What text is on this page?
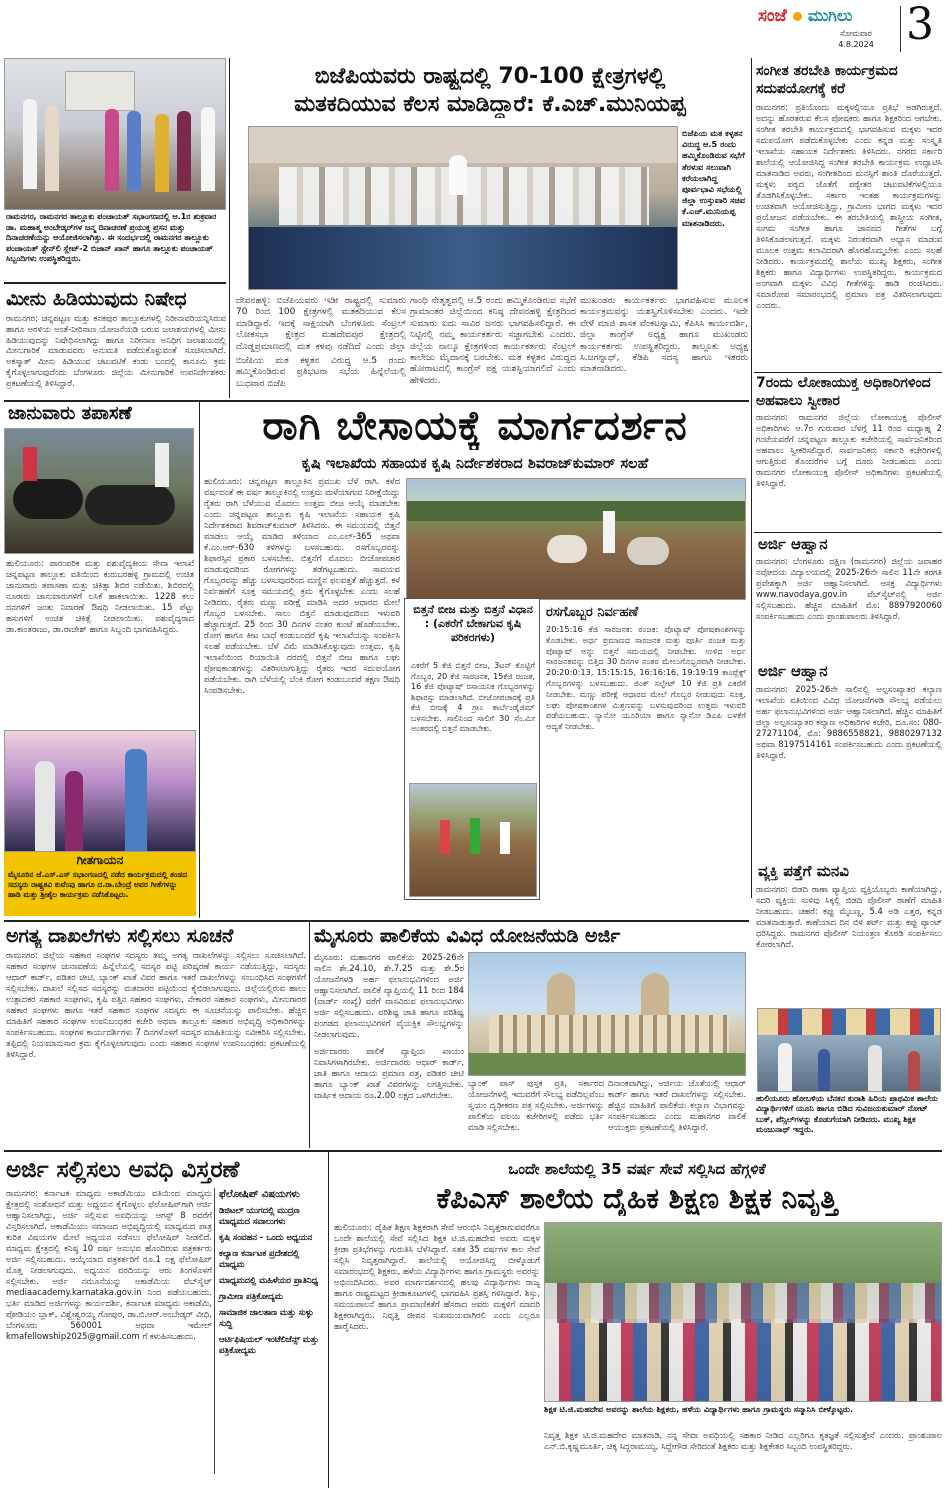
ಸಂಜೆ ಮುಗಿಲು
ಸೋಮವಾರ
4.8.2024 3
ರಾಮನಗರ, ರಾಮನಗರ ತಾಲ್ಲೂಕು ಪಂಚಾಯತ್ ಸಭಾಂಗಣದಲ್ಲಿ ಆ.1ರ ಶುಕ್ರವಾರ ಡಾ. ಮಹಾತ್ಮ ಅಂಬೇಡ್ಕರ್‌ಗಳ ಜನ್ಮ ದಿನಾಚರಣೆ ಪ್ರಯುಕ್ತ ಪ್ರಸನ ಮತ್ತು ದಿನಾಚರಣೆಯನ್ನು ಆಯೋಜಿಸಲಾಗಿತ್ತು. ಈ ಸಂದರ್ಭದಲ್ಲಿ ರಾಮನಗರ ತಾಲ್ಲೂಕು ಪಂಚಾಯತ್ ಸ್ಟೇನ್‌ಲಿ ಸ್ಲೇಟ್-2 ಬಿಜಾನ್ ಖಾನ್ ಹಾಗೂ ತಾಲ್ಲೂಕು ಪಂಚಾಯತ್ ಸಿಬ್ಬಂದಿಗಳು ಉಪಸ್ಥಿತರಿದ್ದರು.
ಮೀನು ಹಿಡಿಯುವುದು ನಿಷೇಧ
ರಾಮನಗರ: ಚನ್ನಪಟ್ಟಣ ಮತ್ತು ಕನಕಪುರ ತಾಲ್ಲೂಕುಗಳಲ್ಲಿ ನಿರೀನಾವರಿಯನ್ನಿಸಿರುವ ಹಾಗೂ ಅರಳಿಯ ಅಂತೆ-ನೀರಿನಾಣ ಯೋಜನೆಯಡಿ ಬರುವ ಜಲಾಶಯಗಳಲ್ಲಿ ಮೀನು ಹಿಡಿಯುವುದನ್ನು ನಿಷೇಧಿಸಲಾಗಿದ್ದು ಹಾಗೂ ನಿರೀನಾಣ ಅನಿಧಿಗ ಜಲಾಶಯದಲ್ಲಿ ಮೀನುಗಾರಿಕೆ ಮಾಡುವವರು ಅನುಮತಿ ಪಡೆದುಕೊಳ್ಳುವಂತೆ ಸೂಚಿಸಲಾಗಿದೆ. ಅಕಸ್ಮಾತ್ ಮೀನು ಹಿಡಿಯುವ ಚಟುವಟಿಕೆ ಕಂಡು ಬಂದಲ್ಲಿ ಕಾನೂನು ಕ್ರಮ ಕೈಗೊಳ್ಳಲಾಗುವುದೆಂದು ಬೆಂಗಳೂರು ಜಿಲ್ಲೆಯ ಮೀನುಗಾರಿಕೆ ಉಪನಿರ್ದೇಶಕರು ಪ್ರಕಟಣೆಯಲ್ಲಿ ತಿಳಿಸಿದ್ದಾರೆ.
ಬಿಜೆಪಿಯವರು ರಾಷ್ಟ್ರದಲ್ಲಿ 70-100 ಕ್ಷೇತ್ರಗಳಲ್ಲಿ
ಮತಕದಿಯುವ ಕೆಲಸ ಮಾಡಿದ್ದಾರೆ: ಕೆ.ಎಚ್.ಮುನಿಯಪ್ಪ
ಬಿಜೆಪಿಯ ಮತ ಕಳ್ಳತನ ವಿರುದ್ಧ ಆ.5 ರಂದು ಹಮ್ಮಿಕೊಂಡಿರುವ ಸಭೆಗೆ ತೆರಳುವ ಸಲುವಾಗಿ ಕರೆಯಲಾಗಿದ್ದ ಪೂರ್ವಭಾವಿ ಸಭೆಯಲ್ಲಿ ಜಿಲ್ಲಾ ಉಸ್ತುವಾರಿ ಸಚಿವ ಕೆ.ಎಚ್.ಮುನಿಯಪ್ಪ ಮಾತನಾಡಿದರು.
ದೇವನಹಳ್ಳಿ: ಬಿಜೆಪಿಯವರು ಇಡೀ ರಾಷ್ಟ್ರದಲ್ಲಿ ಸುಮಾರು 70 ರಿಂದ 100 ಕ್ಷೇತ್ರಗಳಲ್ಲಿ ಮತಕದಿಯುವ ಕೆಲಸ ಮಾಡಿದ್ದಾರೆ. ಇದಕ್ಕೆ ಸಾಕ್ಷಿಯಾಗಿ ಬೆಂಗಳೂರು ಸೆಂಟ್ರಲ್ ಲೋಕಸಭಾ ಕ್ಷೇತ್ರದ ಮಹದೇವಪುರ ಕ್ಷೇತ್ರದಲ್ಲಿ ದೊಡ್ಡಪ್ರಮಾಣದಲ್ಲಿ ಮತ ಕಳವು ನಡೆದಿದೆ ಎಂದು ಜಿಲ್ಲಾ
ಬಿಜೆಪಿಯ ಮತ ಕಳ್ಳತನ ವಿರುದ್ಧ ಆ.5 ರಂದು ಹಮ್ಮಿಕೊಂಡಿರುವ ಪ್ರತಿಭಟನಾ ಸಭೆಯ ಹಿನ್ನೆಲೆಯಲ್ಲಿ ಬುಧವಾರ ಬಿಜೆಪಿ
ಗಾಂಧಿ ನೇತೃತ್ವದಲ್ಲಿ ಆ.5 ರಂದು ಹಮ್ಮಿಕೊಂಡಿರುವ ಸಭೆಗೆ ಗ್ರಾಮಾಂತರ ಜಿಲ್ಲೆಯಿಂದ ಕನಿಷ್ಠ ದೇವನಹಳ್ಳಿ ಕ್ಷೇತ್ರದಿಂದ ಸುಮಾರು ಐದು ಸಾವಿರ ಜನರು ಭಾಗವಹಿಸಲಿದ್ದಾರೆ. ಈ ನಿಟ್ಟಿನಲ್ಲಿ ನಮ್ಮ ಕಾರ್ಯಕರ್ತರು ಸಜ್ಜಾಗಬೇಕು ಎಂದರು. ಜಿಲ್ಲೆಯ ನಾಲ್ಕೂ ಕ್ಷೇತ್ರಗಳಿಂದ ಕಾರ್ಯಕರ್ತರು ಸೆಂಟ್ರಲ್ ಕಾಲೇಜು ಮೈದಾನಕ್ಕೆ ಬರಬೇಕು. ಮತ ಕಳ್ಳತನ ವಿರುದ್ಧದ ಹೋರಾಟದಲ್ಲಿ ಕಾಂಗ್ರೆಸ್ ಪಕ್ಷ ಯಶಸ್ವಿಯಾಗಲಿದೆ ಎಂದು ಹೇಳಿದರು.
ಮುಖಂಡರು ಕಾರ್ಯಕರ್ತರು ಭಾಗವಹಿಸುವ ಮೂಲಕ ಕಾರ್ಯಕ್ರಮವನ್ನು ಯಶಸ್ವಿಗೊಳಿಸಬೇಕು ಎಂದರು. ಇದೇ ವೇಳೆ ಮಾಜಿ ಶಾಸಕ ವೆಂಕಟಸ್ವಾಮಿ, ಕೆಪಿಸಿಸಿ ಕಾರ್ಯದರ್ಶಿ, ಜಿಲ್ಲಾ ಕಾಂಗ್ರೆಸ್ ಅಧ್ಯಕ್ಷ ಹಾಗೂ ಮುಖಂಡರು ಕಾರ್ಯಕರ್ತರು ಉಪಸ್ಥಿತರಿದ್ದರು. ತಾಲ್ಲೂಕು ಅಧ್ಯಕ್ಷ ಸಿ.ಜಗನ್ನಾಥ್, ಕೆಡಿಪಿ ಸದಸ್ಯ ಹಾಗೂ ಇತರರು ಮಾತನಾಡಿದರು.
ಸಂಗೀತ ತರಬೇತಿ ಕಾರ್ಯಕ್ರಮದ ಸದುಪಯೋಗಕ್ಕೆ ಕರೆ
ರಾಮನಗರ: ಪ್ರತಿಯೊಂದು ಮಕ್ಕಳಲ್ಲಿಯೂ ಪ್ರತಿಭೆ ಅಡಗಿರುತ್ತದೆ. ಅದನ್ನು ಹೊರತರುವ ಕೆಲಸ ಪೋಷಕರು ಹಾಗೂ ಶಿಕ್ಷಕರಿಂದ ಆಗಬೇಕು. ಸಂಗೀತ ತರಬೇತಿ ಕಾರ್ಯಕ್ರಮದಲ್ಲಿ ಭಾಗವಹಿಸುವ ಮಕ್ಕಳು ಇದರ ಸದುಪಯೋಗ ಪಡೆದುಕೊಳ್ಳಬೇಕು ಎಂದು ಕನ್ನಡ ಮತ್ತು ಸಂಸ್ಕೃತಿ ಇಲಾಖೆಯ ಸಹಾಯಕ ನಿರ್ದೇಶಕರು ತಿಳಿಸಿದರು. ನಗರದ ಸರ್ಕಾರಿ ಶಾಲೆಯಲ್ಲಿ ಆಯೋಜಿಸಿದ್ದ ಸಂಗೀತ ತರಬೇತಿ ಕಾರ್ಯಕ್ರಮ ಉದ್ಘಾಟಿಸಿ ಮಾತನಾಡಿದ ಅವರು, ಸಂಗೀತದಿಂದ ಮನಸ್ಸಿಗೆ ಶಾಂತಿ ದೊರೆಯುತ್ತದೆ. ಮಕ್ಕಳು ಪಠ್ಯದ ಜೊತೆಗೆ ಪಠ್ಯೇತರ ಚಟುವಟಿಕೆಗಳಲ್ಲಿಯೂ ತೊಡಗಿಸಿಕೊಳ್ಳಬೇಕು. ಸರ್ಕಾರ ಇಂತಹ ಕಾರ್ಯಕ್ರಮಗಳನ್ನು ಉಚಿತವಾಗಿ ಆಯೋಜಿಸುತ್ತಿದ್ದು, ಗ್ರಾಮೀಣ ಭಾಗದ ಮಕ್ಕಳು ಇದರ ಪ್ರಯೋಜನ ಪಡೆಯಬೇಕು. ಈ ತರಬೇತಿಯಲ್ಲಿ ಶಾಸ್ತ್ರೀಯ ಸಂಗೀತ, ಸುಗಮ ಸಂಗೀತ ಹಾಗೂ ಜಾನಪದ ಗೀತೆಗಳ ಬಗ್ಗೆ ತಿಳಿಸಿಕೊಡಲಾಗುತ್ತದೆ. ಮಕ್ಕಳು ನಿರಂತರವಾಗಿ ಅಭ್ಯಾಸ ಮಾಡುವ ಮೂಲಕ ಉತ್ತಮ ಕಲಾವಿದರಾಗಿ ಹೊರಹೊಮ್ಮಬೇಕು ಎಂದು ಸಲಹೆ ನೀಡಿದರು. ಕಾರ್ಯಕ್ರಮದಲ್ಲಿ ಶಾಲೆಯ ಮುಖ್ಯ ಶಿಕ್ಷಕರು, ಸಂಗೀತ ಶಿಕ್ಷಕರು ಹಾಗೂ ವಿದ್ಯಾರ್ಥಿಗಳು ಉಪಸ್ಥಿತರಿದ್ದರು. ಕಾರ್ಯಕ್ರಮದ ಅಂಗವಾಗಿ ಮಕ್ಕಳು ವಿವಿಧ ಗೀತೆಗಳನ್ನು ಹಾಡಿ ರಂಜಿಸಿದರು. ಸಮಾರೋಪ ಸಮಾರಂಭದಲ್ಲಿ ಪ್ರಮಾಣ ಪತ್ರ ವಿತರಿಸಲಾಗುವುದು ಎಂದರು.
7ರಂದು ಲೋಕಾಯುಕ್ತ ಅಧಿಕಾರಿಗಳಿಂದ ಅಹವಾಲು ಸ್ವೀಕಾರ
ರಾಮನಗರ: ರಾಮನಗರ ಜಿಲ್ಲೆಯ ಲೋಕಾಯುಕ್ತ ಪೊಲೀಸ್ ಅಧಿಕಾರಿಗಳು ಆ.7ರ ಗುರುವಾರ ಬೆಳಗ್ಗೆ 11 ರಿಂದ ಮಧ್ಯಾಹ್ನ 2 ಗಂಟೆಯವರೆಗೆ ಚನ್ನಪಟ್ಟಣ ತಾಲ್ಲೂಕು ಕಚೇರಿಯಲ್ಲಿ ಸಾರ್ವಜನಿಕರಿಂದ ಅಹವಾಲು ಸ್ವೀಕರಿಸಲಿದ್ದಾರೆ. ಸಾರ್ವಜನಿಕರು ಸರ್ಕಾರಿ ಕಚೇರಿಗಳಲ್ಲಿ ಆಗುತ್ತಿರುವ ತೊಂದರೆಗಳ ಬಗ್ಗೆ ದೂರು ನೀಡಬಹುದು ಎಂದು ರಾಮನಗರ ಲೋಕಾಯುಕ್ತ ಪೊಲೀಸ್ ಅಧಿಕಾರಿಗಳು ಪ್ರಕಟಣೆಯಲ್ಲಿ ತಿಳಿಸಿದ್ದಾರೆ.
ಅರ್ಜಿ ಆಹ್ವಾನ
ರಾಮನಗರ: ಬೆಂಗಳೂರು ದಕ್ಷಿಣ (ರಾಮನಗರ) ಜಿಲ್ಲೆಯ ಜವಾಹರ ನವೋದಯ ವಿದ್ಯಾಲಯದಲ್ಲಿ 2025-26ನೇ ಸಾಲಿನ 11ನೇ ತರಗತಿ ಪ್ರವೇಶಕ್ಕಾಗಿ ಅರ್ಜಿ ಆಹ್ವಾನಿಸಲಾಗಿದೆ. ಆಸಕ್ತ ವಿದ್ಯಾರ್ಥಿಗಳು www.navodaya.gov.in ವೆಬ್‌ಸೈಟ್‌ನಲ್ಲಿ ಅರ್ಜಿ ಸಲ್ಲಿಸಬಹುದು. ಹೆಚ್ಚಿನ ಮಾಹಿತಿಗೆ ಮೊ: 8897920060 ಸಂಪರ್ಕಿಸಬಹುದು ಎಂದು ಪ್ರಾಂಶುಪಾಲರು ತಿಳಿಸಿದ್ದಾರೆ.
ಅರ್ಜಿ ಆಹ್ವಾನ
ರಾಮನಗರ: 2025-26ನೇ ಸಾಲಿನಲ್ಲಿ ಅಲ್ಪಸಂಖ್ಯಾತರ ಕಲ್ಯಾಣ ಇಲಾಖೆಯ ವತಿಯಿಂದ ವಿವಿಧ ಯೋಜನೆಗಳಡಿ ಸೌಲಭ್ಯ ಪಡೆಯಲು ಅರ್ಹ ಫಲಾನುಭವಿಗಳಿಂದ ಅರ್ಜಿ ಆಹ್ವಾನಿಸಲಾಗಿದೆ. ಹೆಚ್ಚಿನ ಮಾಹಿತಿಗೆ ಜಿಲ್ಲಾ ಅಲ್ಪಸಂಖ್ಯಾತರ ಕಲ್ಯಾಣ ಅಧಿಕಾರಿಗಳ ಕಚೇರಿ, ದೂ.ಸಂ: 080-27271104, ಮೊ: 9886558821, 9880297132 ಅಥವಾ 8197514161 ಸಂಪರ್ಕಿಸಬಹುದು ಎಂದು ಪ್ರಕಟಣೆಯಲ್ಲಿ ತಿಳಿಸಿದ್ದಾರೆ.
ವ್ಯಕ್ತಿ ಪತ್ತೆಗೆ ಮನವಿ
ರಾಮನಗರ: ಬಿಡದಿ ಠಾಣಾ ವ್ಯಾಪ್ತಿಯ ವ್ಯಕ್ತಿಯೊಬ್ಬರು ಕಾಣೆಯಾಗಿದ್ದು, ಸದರಿ ವ್ಯಕ್ತಿಯ ಸುಳಿವು ಸಿಕ್ಕಲ್ಲಿ ಬಿಡದಿ ಪೊಲೀಸ್ ಠಾಣೆಗೆ ಮಾಹಿತಿ ನೀಡಬಹುದು. ಚಹರೆ: ಕಪ್ಪು ಮೈಬಣ್ಣ, 5.4 ಅಡಿ ಎತ್ತರ, ಕನ್ನಡ ಮಾತನಾಡುತ್ತಾರೆ. ಕಾಣೆಯಾದ ದಿನ ಬಿಳಿ ಶರ್ಟ್ ಮತ್ತು ಕಪ್ಪು ಪ್ಯಾಂಟ್ ಧರಿಸಿದ್ದರು. ರಾಮನಗರ ಪೊಲೀಸ್ ನಿಯಂತ್ರಣ ಕೊಠಡಿ ಸಂಪರ್ಕಿಸಲು ಕೋರಲಾಗಿದೆ.
ಹುಲಿಯೂರು ಹೋಬಳಿಯ ಬೆನಕನ ಕುರಾಶಿ ಹಿರಿಯ ಪ್ರಾಥಮಿಕ ಶಾಲೆಯ ವಿದ್ಯಾರ್ಥಿಗಳಿಗೆ ಯೂನಿ ಹಾಗೂ ಬಿಡಿದ ಸುವಿಜಯಕುಮಾರ್ ನೋಟ್ ಬುಕ್, ಪೆನ್ಸಿಲ್‌ಗಳನ್ನು ಕೊಡುಗೆಯಾಗಿ ನೀಡಿದರು. ಮುಖ್ಯ ಶಿಕ್ಷಕ ಮಂಜುನಾಥ್ ಇದ್ದರು.
ಜಾನುವಾರು ತಪಾಸಣೆ
ಹುಲಿಯೂರು: ಪಾರಂಪರಿಕ ಮತ್ತು ಪಶುವೈದ್ಯಕೀಯ ಸೇವಾ ಇಲಾಖೆ ಚನ್ನಪಟ್ಟಣ ತಾಲ್ಲೂಕು ವತಿಯಿಂದ ಕುರುಬರಹಳ್ಳಿ ಗ್ರಾಮದಲ್ಲಿ ಉಚಿತ ಜಾನುವಾರು ತಪಾಸಣಾ ಮತ್ತು ಚಿಕಿತ್ಸಾ ಶಿಬಿರ ನಡೆಯಿತು. ಶಿಬಿರದಲ್ಲಿ ನೂರಾರು ಜಾನುವಾರುಗಳಿಗೆ ಲಸಿಕೆ ಹಾಕಲಾಯಿತು. 1228 ಕಲು ದನಗಳಿಗೆ ಜಂತು ನಿವಾರಣೆ ಔಷಧಿ ನೀಡಲಾಯಿತು. 15 ಪೆಟ್ಟು ಹಸುಗಳಿಗೆ ಉಚಿತ ಚಿಕಿತ್ಸೆ ನೀಡಲಾಯಿತು. ಪಶುವೈದ್ಯರಾದ ಡಾ.ಕಾಂತರಾಜು, ಡಾ.ರಾಜೇಶ್ ಹಾಗೂ ಸಿಬ್ಬಂದಿ ಭಾಗವಹಿಸಿದ್ದರು.
ಗೀತಗಾಯನ
ಮೈಸೂರಿನ ಜೆ.ಎಸ್.ಎಸ್ ಸಭಾಂಗಣದಲ್ಲಿ ನಡೆದ ಕಾರ್ಯಕ್ರಮದಲ್ಲಿ ತಂಡದ ಸದಸ್ಯರು ರಾಷ್ಟ್ರಕವಿ ಕುವೆಂಪು ಹಾಗೂ ದ.ರಾ.ಬೇಂದ್ರೆ ಅವರ ಗೀತೆಗಳನ್ನು ಹಾಡಿ ಮತ್ತು ಶ್ರೀಶೈಲ ಕಾರ್ಯಕ್ರಮ ನಡೆಸಿಕೊಟ್ಟರು.
ರಾಗಿ ಬೇಸಾಯಕ್ಕೆ ಮಾರ್ಗದರ್ಶನ
ಕೃಷಿ ಇಲಾಖೆಯ ಸಹಾಯಕ ಕೃಷಿ ನಿರ್ದೇಶಕರಾದ ಶಿವರಾಜ್‌ಕುಮಾರ್ ಸಲಹೆ
ಹುಲಿಯೂರು: ಚನ್ನಪಟ್ಟಣ ತಾಲ್ಲೂಕಿನ ಪ್ರಮುಖ ಬೆಳೆ ರಾಗಿ. ಕಳೆದ ವರ್ಷದಂತೆ ಈ ವರ್ಷ ತಾಲ್ಲೂಕಿನಲ್ಲಿ ಉತ್ತಮ ಮಳೆಯಾಗುವ ನಿರೀಕ್ಷೆಯಿದ್ದು ರೈತರು ರಾಗಿ ಬೆಳೆಯುವ ಮೊದಲು ಉತ್ತಮ ಬೀಜ ಆಯ್ಕೆ ಮಾಡಬೇಕು ಎಂದು ಚನ್ನಪಟ್ಟಣ ತಾಲ್ಲೂಕು ಕೃಷಿ ಇಲಾಖೆಯ ಸಹಾಯಕ ಕೃಷಿ ನಿರ್ದೇಶಕರಾದ ಶಿವರಾಜ್‌ಕುಮಾರ್ ತಿಳಿಸಿದರು. ಈ ಸಮಯದಲ್ಲಿ ಬಿತ್ತನೆ ಮಾಡಲು ಆಯ್ಕೆ ಮಾಡಿದ ತಳಿಯಾದ ಎಂ.ಎಲ್-365 ಅಥವಾ ಕೆ.ಎಂ.ಆರ್-630 ತಳಿಗಳನ್ನು ಬಳಸಬಹುದು. ರಸಗೊಬ್ಬರವನ್ನು ಶಿಫಾರಸ್ಸಿನ ಪ್ರಕಾರ ಬಳಸಬೇಕು. ಬಿತ್ತನೆಗೆ ಮೊದಲು ಬೀಜೋಪಚಾರ ಮಾಡುವುದರಿಂದ ರೋಗಗಳನ್ನು ತಡೆಗಟ್ಟಬಹುದು. ಸಾವಯವ ಗೊಬ್ಬರವನ್ನು ಹೆಚ್ಚು ಬಳಸುವುದರಿಂದ ಮಣ್ಣಿನ ಫಲವತ್ತತೆ ಹೆಚ್ಚುತ್ತದೆ. ಕಳೆ ನಿರ್ವಹಣೆಗೆ ಸೂಕ್ತ ಸಮಯದಲ್ಲಿ ಕ್ರಮ ಕೈಗೊಳ್ಳಬೇಕು ಎಂದು ಸಲಹೆ ನೀಡಿದರು. ರೈತರು ಮಣ್ಣು ಪರೀಕ್ಷೆ ಮಾಡಿಸಿ ಅದರ ಆಧಾರದ ಮೇಲೆ ಗೊಬ್ಬರ ಬಳಸಬೇಕು. ಸಾಲು ಬಿತ್ತನೆ ಮಾಡುವುದರಿಂದ ಇಳುವರಿ ಹೆಚ್ಚಾಗುತ್ತದೆ. 25 ರಿಂದ 30 ದಿನಗಳ ನಂತರ ಕುಂಟೆ ಹೊಡೆಯಬೇಕು. ರೋಗ ಹಾಗೂ ಕೀಟ ಬಾಧೆ ಕಂಡುಬಂದರೆ ಕೃಷಿ ಇಲಾಖೆಯನ್ನು ಸಂಪರ್ಕಿಸಿ ಸಲಹೆ ಪಡೆಯಬೇಕು. ಬೆಳೆ ವಿಮೆ ಮಾಡಿಸಿಕೊಳ್ಳುವುದು ಉತ್ತಮ. ಕೃಷಿ ಇಲಾಖೆಯಿಂದ ರಿಯಾಯಿತಿ ದರದಲ್ಲಿ ಬಿತ್ತನೆ ಬೀಜ ಹಾಗೂ ಲಘು ಪೋಷಕಾಂಶಗಳನ್ನು ವಿತರಿಸಲಾಗುತ್ತಿದ್ದು ರೈತರು ಇದರ ಸದುಪಯೋಗ ಪಡೆಯಬೇಕು. ರಾಗಿ ಬೆಳೆಯಲ್ಲಿ ಬೆಂಕಿ ರೋಗ ಕಂಡುಬಂದರೆ ತಕ್ಷಣ ಔಷಧಿ ಸಿಂಪಡಿಸಬೇಕು.
ಬಿತ್ತನೆ ಬೀಜ ಮತ್ತು ಬಿತ್ತನೆ ವಿಧಾನ : (ಎಕರೆಗೆ ಬೇಕಾಗುವ ಕೃಷಿ ಪರಿಕರಗಳು)
ಎಕರೆಗೆ 5 ಕೆಜಿ ಬಿತ್ತನೆ ಬೀಜ, 3ಟನ್ ಕೊಟ್ಟಿಗೆ ಗೊಬ್ಬರ, 20 ಕೆಜಿ ಸಾರಜನಕ, 15ಕೆಜಿ ರಂಜಕ, 16 ಕೆಜಿ ಪೊಟ್ಯಾಷ್ ರಸಾಯನಿಕ ಗೊಬ್ಬರಗಳನ್ನು ಶಿಫಾರಸ್ಸು ಮಾಡಲಾಗಿದೆ. ಬೀಜೋಪಚಾರಕ್ಕೆ ಪ್ರತಿ ಕೆಜಿ ಬೀಜಕ್ಕೆ 4 ಗ್ರಾಂ ಕಾರ್ಬೆಂಡೈಜಿಮ್ ಬಳಸಬೇಕು. ಸಾಲಿನಿಂದ ಸಾಲಿಗೆ 30 ಸೆಂ.ಮೀ ಅಂತರದಲ್ಲಿ ಬಿತ್ತನೆ ಮಾಡಬೇಕು.
ರಸಗೊಬ್ಬರ ನಿರ್ವಹಣೆ
20:15:16 ಕೆಜಿ ಸಾರಜನಕ: ರಂಜಕ: ಪೊಟ್ಯಾಷ್ ಪೋಷಕಾಂಶಗಳನ್ನು ಕೊಡಬೇಕು. ಅರ್ಧ ಪ್ರಮಾಣದ ಸಾರಜನಕ ಮತ್ತು ಪೂರ್ತಿ ರಂಜಕ ಮತ್ತು ಪೊಟ್ಯಾಷ್ ಅನ್ನು ಬಿತ್ತನೆ ಸಮಯದಲ್ಲಿ ನೀಡಬೇಕು. ಉಳಿದ ಅರ್ಧ ಸಾರಜನಕವನ್ನು ಬಿತ್ತಿದ 30 ದಿನಗಳ ನಂತರ ಮೇಲುಗೊಬ್ಬರವಾಗಿ ನೀಡಬೇಕು. 20:20:0:13, 15:15:15, 16:16:16, 19:19:19 ಕಾಂಪ್ಲೆಕ್ಸ್ ಗೊಬ್ಬರಗಳನ್ನು ಬಳಸಬಹುದು. ಜಿಂಕ್ ಸಲ್ಫೇಟ್ 10 ಕೆಜಿ ಪ್ರತಿ ಎಕರೆಗೆ ನೀಡಬೇಕು. ಮಣ್ಣು ಪರೀಕ್ಷೆ ಆಧಾರದ ಮೇಲೆ ಗೊಬ್ಬರ ನೀಡುವುದು ಸೂಕ್ತ. ಲಘು ಪೋಷಕಾಂಶಗಳ ಮಿಶ್ರಣವನ್ನು ಬಳಸುವುದರಿಂದ ಉತ್ತಮ ಇಳುವರಿ ಪಡೆಯಬಹುದು. ನ್ಯಾನೋ ಯೂರಿಯಾ ಹಾಗೂ ನ್ಯಾನೋ ಡಿಎಪಿ ಬಳಕೆಗೆ ಆದ್ಯತೆ ನೀಡಬೇಕು.
ಅಗತ್ಯ ದಾಖಲೆಗಳು ಸಲ್ಲಿಸಲು ಸೂಚನೆ
ರಾಮನಗರ: ಜಿಲ್ಲೆಯ ಸಹಕಾರ ಸಂಘಗಳ ಸದಸ್ಯರು ತಮ್ಮ ಅಗತ್ಯ ದಾಖಲೆಗಳನ್ನು ಸಲ್ಲಿಸಲು ಸೂಚಿಸಲಾಗಿದೆ. ಸಹಕಾರ ಸಂಘಗಳ ಚುನಾವಣೆಯ ಹಿನ್ನೆಲೆಯಲ್ಲಿ ಸದಸ್ಯರ ಪಟ್ಟಿ ಪರಿಷ್ಕರಣೆ ಕಾರ್ಯ ನಡೆಯುತ್ತಿದ್ದು, ಸದಸ್ಯರು ಆಧಾರ್ ಕಾರ್ಡ್, ಪಡಿತರ ಚೀಟಿ, ಬ್ಯಾಂಕ್ ಖಾತೆ ವಿವರ ಹಾಗೂ ಇತರೆ ದಾಖಲೆಗಳನ್ನು ಸಂಬಂಧಿಸಿದ ಸಂಘಗಳಿಗೆ ಸಲ್ಲಿಸಬೇಕು. ದಾಖಲೆ ಸಲ್ಲಿಸದ ಸದಸ್ಯರನ್ನು ಮತದಾರರ ಪಟ್ಟಿಯಿಂದ ಕೈಬಿಡಲಾಗುವುದು. ಜಿಲ್ಲೆಯಲ್ಲಿರುವ ಹಾಲು ಉತ್ಪಾದಕರ ಸಹಕಾರ ಸಂಘಗಳು, ಕೃಷಿ ಪತ್ತಿನ ಸಹಕಾರ ಸಂಘಗಳು, ನೇಕಾರರ ಸಹಕಾರ ಸಂಘಗಳು, ಮೀನುಗಾರರ ಸಹಕಾರ ಸಂಘಗಳು ಹಾಗೂ ಇತರೆ ಸಹಕಾರ ಸಂಘಗಳ ಸದಸ್ಯರು ಈ ಸೂಚನೆಯನ್ನು ಪಾಲಿಸಬೇಕು. ಹೆಚ್ಚಿನ ಮಾಹಿತಿಗೆ ಸಹಕಾರ ಸಂಘಗಳ ಉಪನಿಬಂಧಕರ ಕಚೇರಿ ಅಥವಾ ತಾಲ್ಲೂಕು ಸಹಕಾರ ಅಭಿವೃದ್ಧಿ ಅಧಿಕಾರಿಗಳನ್ನು ಸಂಪರ್ಕಿಸಬಹುದು. ಸಂಘಗಳ ಕಾರ್ಯದರ್ಶಿಗಳು 7 ದಿನಗಳೊಳಗೆ ಸದಸ್ಯರ ಮಾಹಿತಿಯನ್ನು ನವೀಕರಿಸಿ ಸಲ್ಲಿಸಬೇಕು. ತಪ್ಪಿದಲ್ಲಿ ನಿಯಮಾನುಸಾರ ಕ್ರಮ ಕೈಗೊಳ್ಳಲಾಗುವುದು ಎಂದು ಸಹಕಾರ ಸಂಘಗಳ ಉಪನಿಬಂಧಕರು ಪ್ರಕಟಣೆಯಲ್ಲಿ ತಿಳಿಸಿದ್ದಾರೆ.
ಮೈಸೂರು ಪಾಲಿಕೆಯ ವಿವಿಧ ಯೋಜನೆಯಡಿ ಅರ್ಜಿ
ಮೈಸೂರು: ಮಹಾನಗರ ಪಾಲಿಕೆಯ 2025-26ನೇ ಸಾಲಿನ ಶೇ.24.10, ಶೇ.7.25 ಮತ್ತು ಶೇ.5ರ ಯೋಜನೆಗಳಡಿ ಅರ್ಹ ಫಲಾನುಭವಿಗಳಿಂದ ಅರ್ಜಿ ಆಹ್ವಾನಿಸಲಾಗಿದೆ. ಪಾಲಿಕೆ ವ್ಯಾಪ್ತಿಯಲ್ಲಿ 11 ರಿಂದ 184 (ವಾರ್ಡ್ ಸಂಖ್ಯೆ) ವರೆಗೆ ವಾಸವಿರುವ ಫಲಾನುಭವಿಗಳು ಅರ್ಜಿ ಸಲ್ಲಿಸಬಹುದು. ಪರಿಶಿಷ್ಟ ಜಾತಿ ಹಾಗೂ ಪರಿಶಿಷ್ಟ ಪಂಗಡದ ಫಲಾನುಭವಿಗಳಿಗೆ ವೈಯಕ್ತಿಕ ಸೌಲಭ್ಯಗಳನ್ನು ನೀಡಲಾಗುವುದು.
ಅರ್ಜಿದಾರರು ಪಾಲಿಕೆ ವ್ಯಾಪ್ತಿಯ ಖಾಯಂ ನಿವಾಸಿಗಳಾಗಿರಬೇಕು. ಅರ್ಜಿದಾರರು ಆಧಾರ್ ಕಾರ್ಡ್, ಜಾತಿ ಹಾಗೂ ಆದಾಯ ಪ್ರಮಾಣ ಪತ್ರ, ಪಡಿತರ ಚೀಟಿ ಹಾಗೂ ಬ್ಯಾಂಕ್ ಖಾತೆ ವಿವರಗಳನ್ನು ಲಗತ್ತಿಸಬೇಕು. ವಾರ್ಷಿಕ ಆದಾಯ ರೂ.2.00 ಲಕ್ಷದ ಒಳಗಿರಬೇಕು.
ಬ್ಯಾಂಕ್ ಪಾಸ್ ಪುಸ್ತಕ ಪ್ರತಿ, ಸರ್ಕಾರದ ಯೋಜನೆಗಳಲ್ಲಿ ಇದುವರೆಗೆ ಸೌಲಭ್ಯ ಪಡೆದಿಲ್ಲವೆಂಬ ಸ್ವಯಂ ದೃಢೀಕರಣ ಪತ್ರ ಸಲ್ಲಿಸಬೇಕು. ಅರ್ಜಿಗಳನ್ನು ಪಾಲಿಕೆಯ ವಲಯ ಕಚೇರಿಗಳಲ್ಲಿ ಪಡೆದು ಭರ್ತಿ ಮಾಡಿ ಸಲ್ಲಿಸಬೇಕು.
ದಿನಾಂಕವಾಗಿದ್ದು, ಅರ್ಜಿಯ ಜೊತೆಯಲ್ಲಿ ಆಧಾರ್ ಕಾರ್ಡ್ ಹಾಗೂ ಇತರೆ ದಾಖಲೆಗಳನ್ನು ಸಲ್ಲಿಸಬೇಕು. ಹೆಚ್ಚಿನ ಮಾಹಿತಿಗೆ ಪಾಲಿಕೆಯ ಕಲ್ಯಾಣ ವಿಭಾಗವನ್ನು ಸಂಪರ್ಕಿಸಬಹುದು ಎಂದು ಮಹಾನಗರ ಪಾಲಿಕೆ ಆಯುಕ್ತರು ಪ್ರಕಟಣೆಯಲ್ಲಿ ತಿಳಿಸಿದ್ದಾರೆ.
ಅರ್ಜಿ ಸಲ್ಲಿಸಲು ಅವಧಿ ವಿಸ್ತರಣೆ
ರಾಮನಗರ: ಕರ್ನಾಟಕ ಮಾಧ್ಯಮ ಅಕಾಡೆಮಿಯು ವತಿಯಿಂದ ಮಾಧ್ಯಮ ಕ್ಷೇತ್ರದಲ್ಲಿ ಸಂಶೋಧನೆ ಮತ್ತು ಅಧ್ಯಯನ ಕೈಗೊಳ್ಳಲು ಫೆಲೋಷಿಪ್‌ಗಾಗಿ ಅರ್ಜಿ ಆಹ್ವಾನಿಸಲಾಗಿದ್ದು, ಅರ್ಜಿ ಸಲ್ಲಿಸುವ ಅವಧಿಯನ್ನು ಆಗಸ್ಟ್ 8 ರವರೆಗೆ ವಿಸ್ತರಿಸಲಾಗಿದೆ. ಅಕಾಡೆಮಿಯು ಸಮಾಜದ ಅಭಿವೃದ್ಧಿಯಲ್ಲಿ ಮಾಧ್ಯಮದ ಪಾತ್ರ ಕುರಿತ ವಿಷಯಗಳ ಮೇಲೆ ಅಧ್ಯಯನ ನಡೆಸಲು ಫೆಲೋಷಿಪ್ ನೀಡಲಿದೆ. ಮಾಧ್ಯಮ ಕ್ಷೇತ್ರದಲ್ಲಿ ಕನಿಷ್ಠ 10 ವರ್ಷ ಅನುಭವ ಹೊಂದಿರುವ ಪತ್ರಕರ್ತರು ಅರ್ಜಿ ಸಲ್ಲಿಸಬಹುದು. ಆಯ್ಕೆಯಾದ ಪತ್ರಕರ್ತರಿಗೆ ರೂ.1 ಲಕ್ಷ ಫೆಲೋಷಿಪ್ ಮೊತ್ತ ನೀಡಲಾಗುವುದು. ಅಧ್ಯಯನ ವರದಿಯನ್ನು ಆರು ತಿಂಗಳೊಳಗೆ ಸಲ್ಲಿಸಬೇಕು. ಅರ್ಜಿ ನಮೂನೆಯನ್ನು ಅಕಾಡೆಮಿಯ ವೆಬ್‌ಸೈಟ್ mediaacademy.karnataka.gov.in ನಿಂದ ಪಡೆಯಬಹುದು. ಭರ್ತಿ ಮಾಡಿದ ಅರ್ಜಿಗಳನ್ನು ಕಾರ್ಯದರ್ಶಿ, ಕರ್ನಾಟಕ ಮಾಧ್ಯಮ ಅಕಾಡೆಮಿ, ಪೋಡಿಯಂ ಬ್ಲಾಕ್, ವಿಶ್ವೇಶ್ವರಯ್ಯ ಗೋಪುರ, ಡಾ.ಬಿ.ಆರ್.ಅಂಬೇಡ್ಕರ್ ವೀಧಿ, ಬೆಂಗಳೂರು 560001 ಅಥವಾ ಇಮೇಲ್ kmafellowship2025@gmail.com ಗೆ ಕಳುಹಿಸಬಹುದು.
ಫೆಲೋಷಿಪ್ ವಿಷಯಗಳು
ಡಿಜಿಟಲ್ ಯುಗದಲ್ಲಿ ಮುದ್ರಣ ಮಾಧ್ಯಮದ ಸವಾಲುಗಳು
ಕೃಷಿ ಸಂವಹನ - ಒಂದು ಅಧ್ಯಯನ
ಕಲ್ಯಾಣ ಕರ್ನಾಟಕ ಪ್ರದೇಶದಲ್ಲಿ ಮಾಧ್ಯಮ
ಮಾಧ್ಯಮದಲ್ಲಿ ಮಹಿಳೆಯರ ಪ್ರಾತಿನಿಧ್ಯ
ಗ್ರಾಮೀಣ ಪತ್ರಿಕೋದ್ಯಮ
ಸಾಮಾಜಿಕ ಜಾಲತಾಣ ಮತ್ತು ಸುಳ್ಳು ಸುದ್ದಿ
ಆರ್ಟಿಫಿಷಿಯಲ್ ಇಂಟೆಲಿಜೆನ್ಸ್ ಮತ್ತು ಪತ್ರಿಕೋದ್ಯಮ
ಒಂದೇ ಶಾಲೆಯಲ್ಲಿ 35 ವರ್ಷ ಸೇವೆ ಸಲ್ಲಿಸಿದ ಹೆಗ್ಗಳಿಕೆ
ಕೆಪಿಎಸ್ ಶಾಲೆಯ ದೈಹಿಕ ಶಿಕ್ಷಣ ಶಿಕ್ಷಕ ನಿವೃತ್ತಿ
ಹುಲಿಯೂರು: ದೈಹಿಕ ಶಿಕ್ಷಣ ಶಿಕ್ಷಕರಾಗಿ ಸೇವೆ ಆರಂಭಿಸಿ ನಿವೃತ್ತರಾಗುವವರೆಗೂ ಒಂದೇ ಶಾಲೆಯಲ್ಲಿ ಸೇವೆ ಸಲ್ಲಿಸಿದ ಶಿಕ್ಷಕ ಟಿ.ಜಿ.ಮಹದೇವ ಅವರು ಮಕ್ಕಳ ಕ್ರೀಡಾ ಪ್ರತಿಭೆಗಳನ್ನು ಗುರುತಿಸಿ ಬೆಳೆಸಿದ್ದಾರೆ. ಸತತ 35 ವರ್ಷಗಳ ಕಾಲ ಸೇವೆ ಸಲ್ಲಿಸಿ ನಿವೃತ್ತರಾಗಿದ್ದಾರೆ. ಶಾಲೆಯಲ್ಲಿ ಆಯೋಜಿಸಿದ್ದ ಬೀಳ್ಕೊಡುಗೆ ಸಮಾರಂಭದಲ್ಲಿ ಶಿಕ್ಷಕರು, ಹಳೆಯ ವಿದ್ಯಾರ್ಥಿಗಳು ಹಾಗೂ ಗ್ರಾಮಸ್ಥರು ಅವರನ್ನು ಅಭಿನಂದಿಸಿದರು. ಅವರ ಮಾರ್ಗದರ್ಶನದಲ್ಲಿ ಹಲವು ವಿದ್ಯಾರ್ಥಿಗಳು ರಾಜ್ಯ ಹಾಗೂ ರಾಷ್ಟ್ರಮಟ್ಟದ ಕ್ರೀಡಾಕೂಟಗಳಲ್ಲಿ ಭಾಗವಹಿಸಿ ಪ್ರಶಸ್ತಿ ಗಳಿಸಿದ್ದಾರೆ. ಶಿಸ್ತು, ಸಮಯಪಾಲನೆ ಹಾಗೂ ಪ್ರಾಮಾಣಿಕತೆಗೆ ಹೆಸರಾದ ಅವರು ಮಕ್ಕಳಿಗೆ ಮಾದರಿ ಶಿಕ್ಷಕರಾಗಿದ್ದರು. ನಿವೃತ್ತಿ ಜೀವನ ಸುಖಮಯವಾಗಿರಲಿ ಎಂದು ಎಲ್ಲರೂ ಹಾರೈಸಿದರು.
ಶಿಕ್ಷಕ ಟಿ.ಜಿ.ಮಹದೇವ ಅವರನ್ನು ಶಾಲೆಯ ಶಿಕ್ಷಕರು, ಹಳೆಯ ವಿದ್ಯಾರ್ಥಿಗಳು ಹಾಗೂ ಗ್ರಾಮಸ್ಥರು ಸನ್ಮಾನಿಸಿ ಬೀಳ್ಕೊಟ್ಟರು.
ನಿವೃತ್ತ ಶಿಕ್ಷಕ ಟಿ.ಜಿ.ಮಹದೇವ ಮಾತನಾಡಿ, ನನ್ನ ಸೇವಾ ಅವಧಿಯಲ್ಲಿ ಸಹಕಾರ ನೀಡಿದ ಎಲ್ಲರಿಗೂ ಕೃತಜ್ಞತೆ ಸಲ್ಲಿಸುತ್ತೇನೆ ಎಂದರು. ಪ್ರಾಂಶುಪಾಲ ಎನ್.ಬಿ.ಕೃಷ್ಣಮೂರ್ತಿ, ಚಿಕ್ಕ ಸಿದ್ದರಾಮಯ್ಯ, ಸಿದ್ದೇಗೌಡ ಸೇರಿದಂತೆ ಶಿಕ್ಷಕರು ಮತ್ತು ಶಿಕ್ಷಕೇತರ ಸಿಬ್ಬಂದಿ ಉಪಸ್ಥಿತರಿದ್ದರು.
